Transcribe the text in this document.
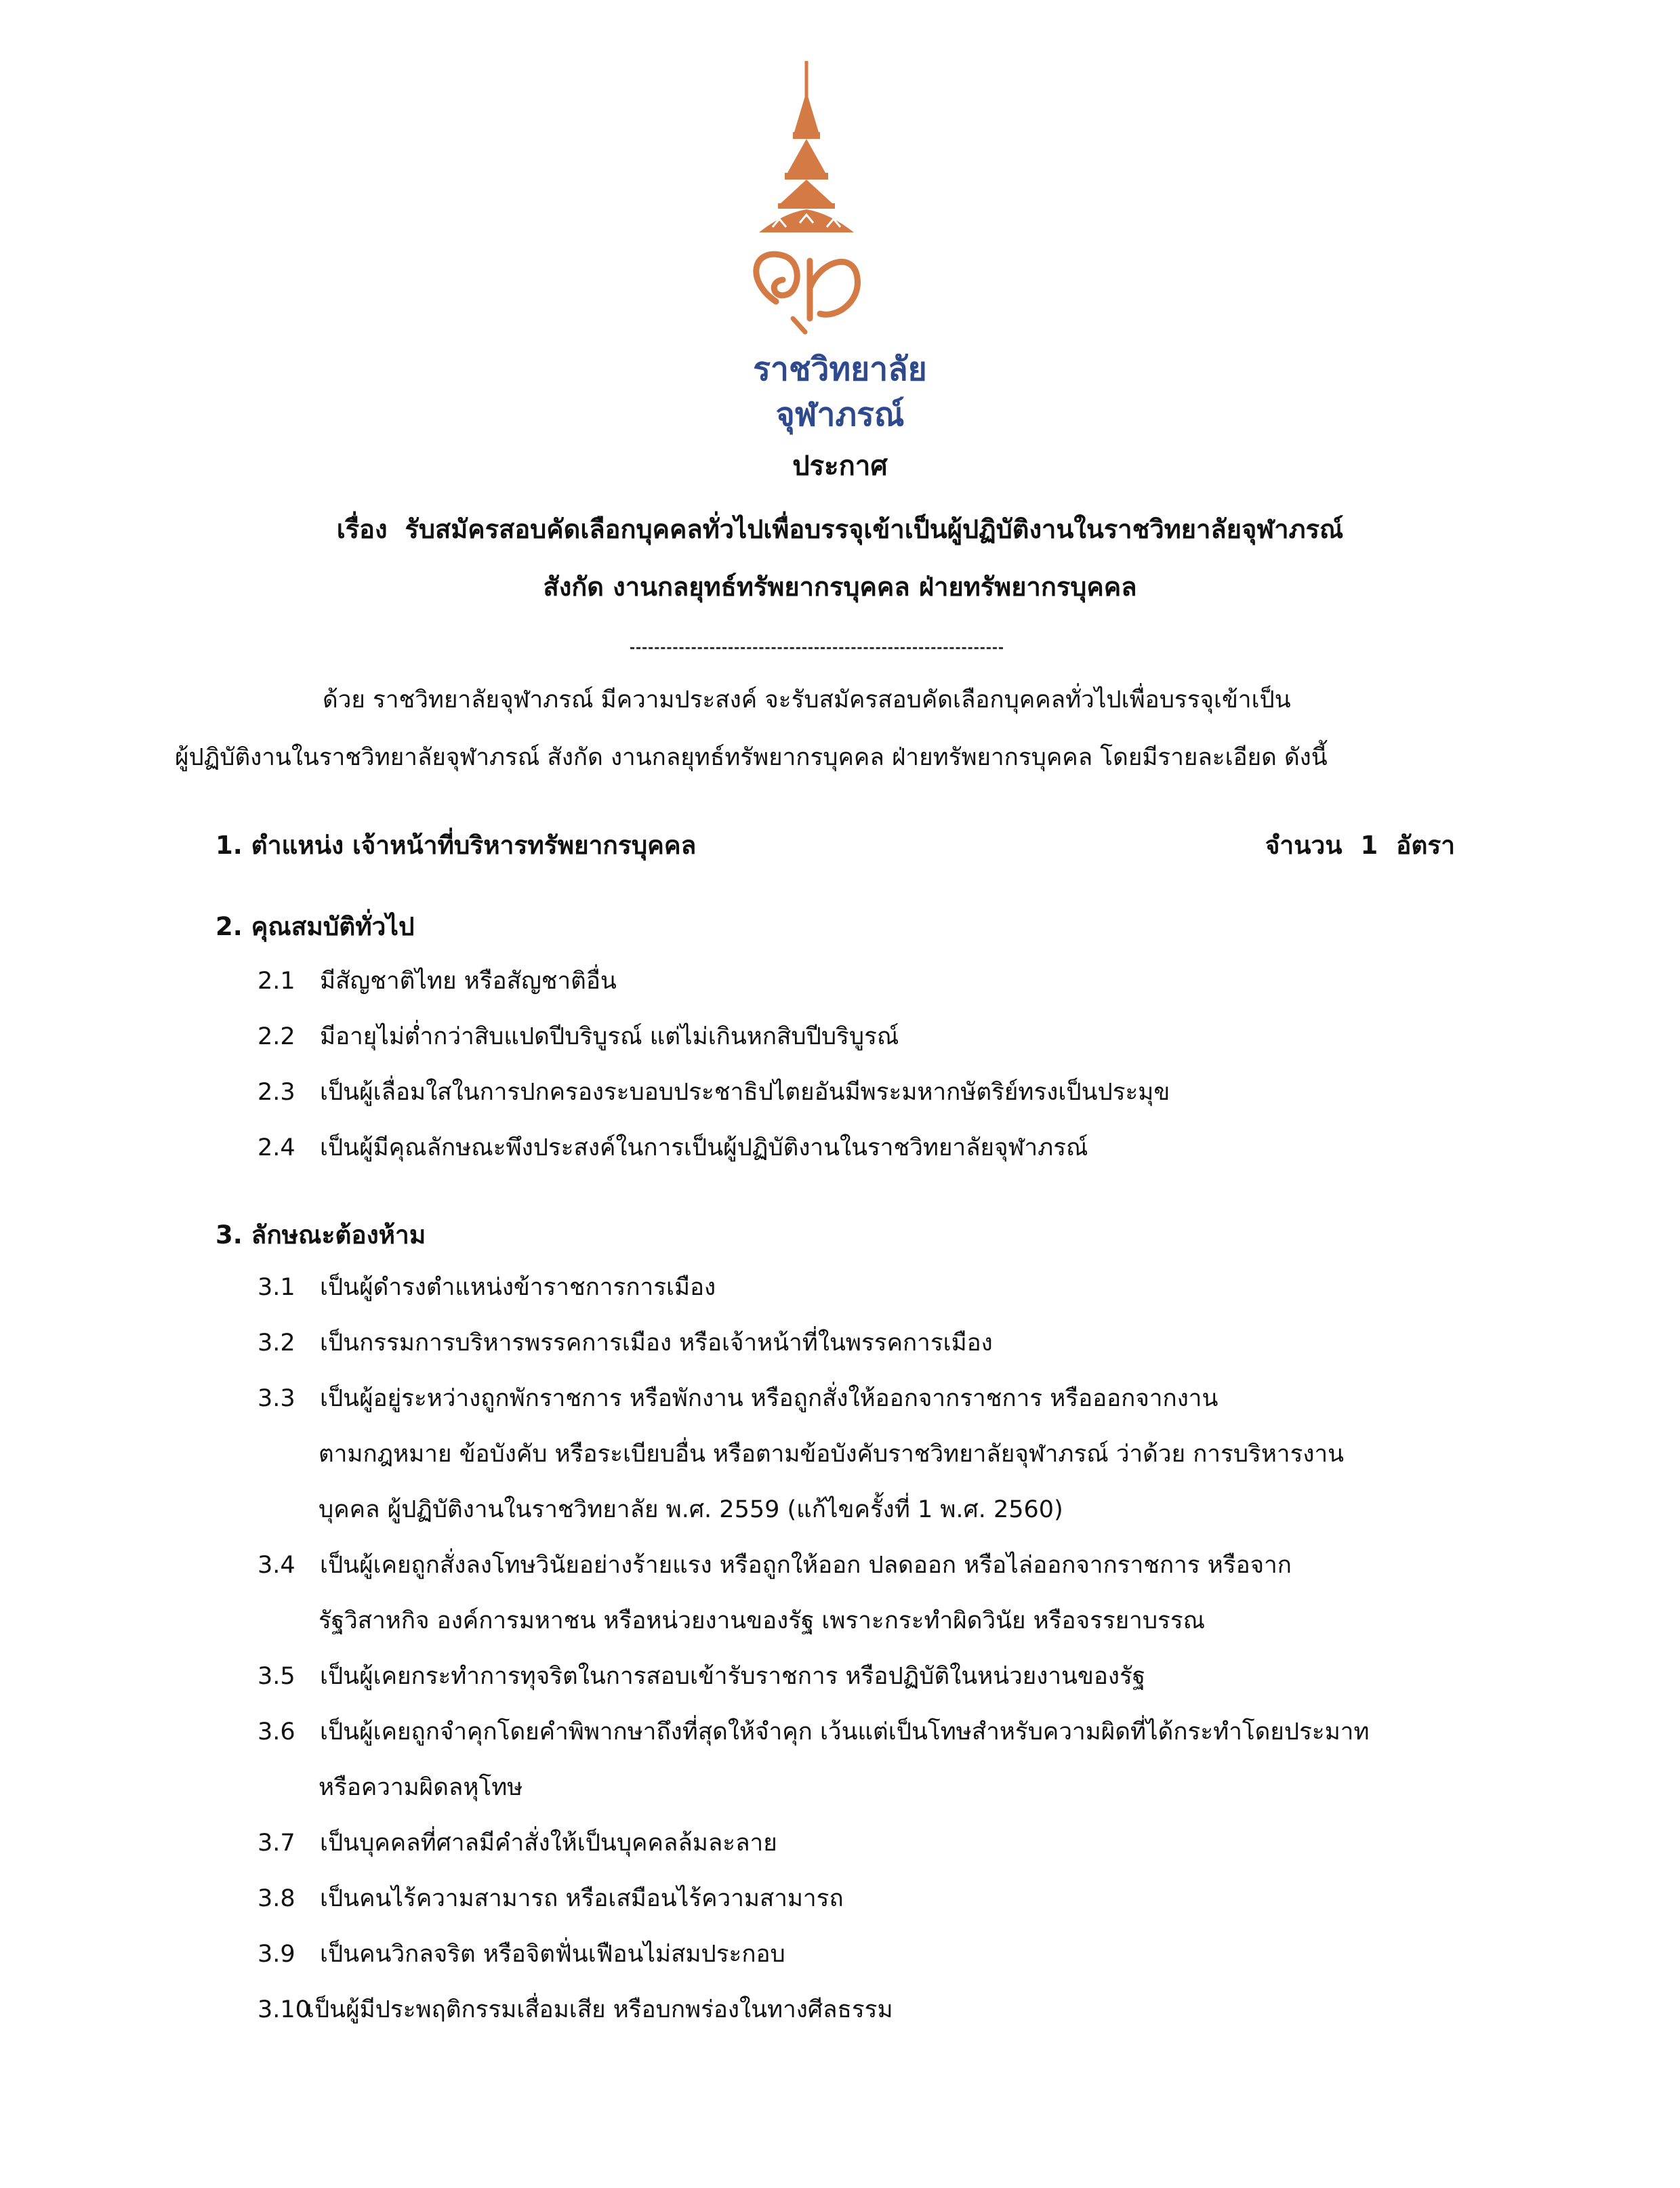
ราชวิทยาลัย
จุฬาภรณ์
ประกาศ
เรื่อง รับสมัครสอบคัดเลือกบุคคลทั่วไปเพื่อบรรจุเข้าเป็นผู้ปฏิบัติงานในราชวิทยาลัยจุฬาภรณ์
สังกัด งานกลยุทธ์ทรัพยากรบุคคล ฝ่ายทรัพยากรบุคคล
ด้วย ราชวิทยาลัยจุฬาภรณ์ มีความประสงค์ จะรับสมัครสอบคัดเลือกบุคคลทั่วไปเพื่อบรรจุเข้าเป็น
ผู้ปฏิบัติงานในราชวิทยาลัยจุฬาภรณ์ สังกัด งานกลยุทธ์ทรัพยากรบุคคล ฝ่ายทรัพยากรบุคคล โดยมีรายละเอียด ดังนี้
1. ตำแหน่ง เจ้าหน้าที่บริหารทรัพยากรบุคคล	จำนวน 1 อัตรา
2. คุณสมบัติทั่วไป
2.1 มีสัญชาติไทย หรือสัญชาติอื่น
2.2 มีอายุไม่ต่ำกว่าสิบแปดปีบริบูรณ์ แต่ไม่เกินหกสิบปีบริบูรณ์
2.3 เป็นผู้เลื่อมใสในการปกครองระบอบประชาธิปไตยอันมีพระมหากษัตริย์ทรงเป็นประมุข
2.4 เป็นผู้มีคุณลักษณะพึงประสงค์ในการเป็นผู้ปฏิบัติงานในราชวิทยาลัยจุฬาภรณ์
3. ลักษณะต้องห้าม
3.1 เป็นผู้ดำรงตำแหน่งข้าราชการการเมือง
3.2 เป็นกรรมการบริหารพรรคการเมือง หรือเจ้าหน้าที่ในพรรคการเมือง
3.3 เป็นผู้อยู่ระหว่างถูกพักราชการ หรือพักงาน หรือถูกสั่งให้ออกจากราชการ หรือออกจากงาน
ตามกฎหมาย ข้อบังคับ หรือระเบียบอื่น หรือตามข้อบังคับราชวิทยาลัยจุฬาภรณ์ ว่าด้วย การบริหารงาน
บุคคล ผู้ปฏิบัติงานในราชวิทยาลัย พ.ศ. 2559 (แก้ไขครั้งที่ 1 พ.ศ. 2560)
3.4 เป็นผู้เคยถูกสั่งลงโทษวินัยอย่างร้ายแรง หรือถูกให้ออก ปลดออก หรือไล่ออกจากราชการ หรือจาก
รัฐวิสาหกิจ องค์การมหาชน หรือหน่วยงานของรัฐ เพราะกระทำผิดวินัย หรือจรรยาบรรณ
3.5 เป็นผู้เคยกระทำการทุจริตในการสอบเข้ารับราชการ หรือปฏิบัติในหน่วยงานของรัฐ
3.6 เป็นผู้เคยถูกจำคุกโดยคำพิพากษาถึงที่สุดให้จำคุก เว้นแต่เป็นโทษสำหรับความผิดที่ได้กระทำโดยประมาท
หรือความผิดลหุโทษ
3.7 เป็นบุคคลที่ศาลมีคำสั่งให้เป็นบุคคลล้มละลาย
3.8 เป็นคนไร้ความสามารถ หรือเสมือนไร้ความสามารถ
3.9 เป็นคนวิกลจริต หรือจิตฟั่นเฟือนไม่สมประกอบ
3.10เป็นผู้มีประพฤติกรรมเสื่อมเสีย หรือบกพร่องในทางศีลธรรม
